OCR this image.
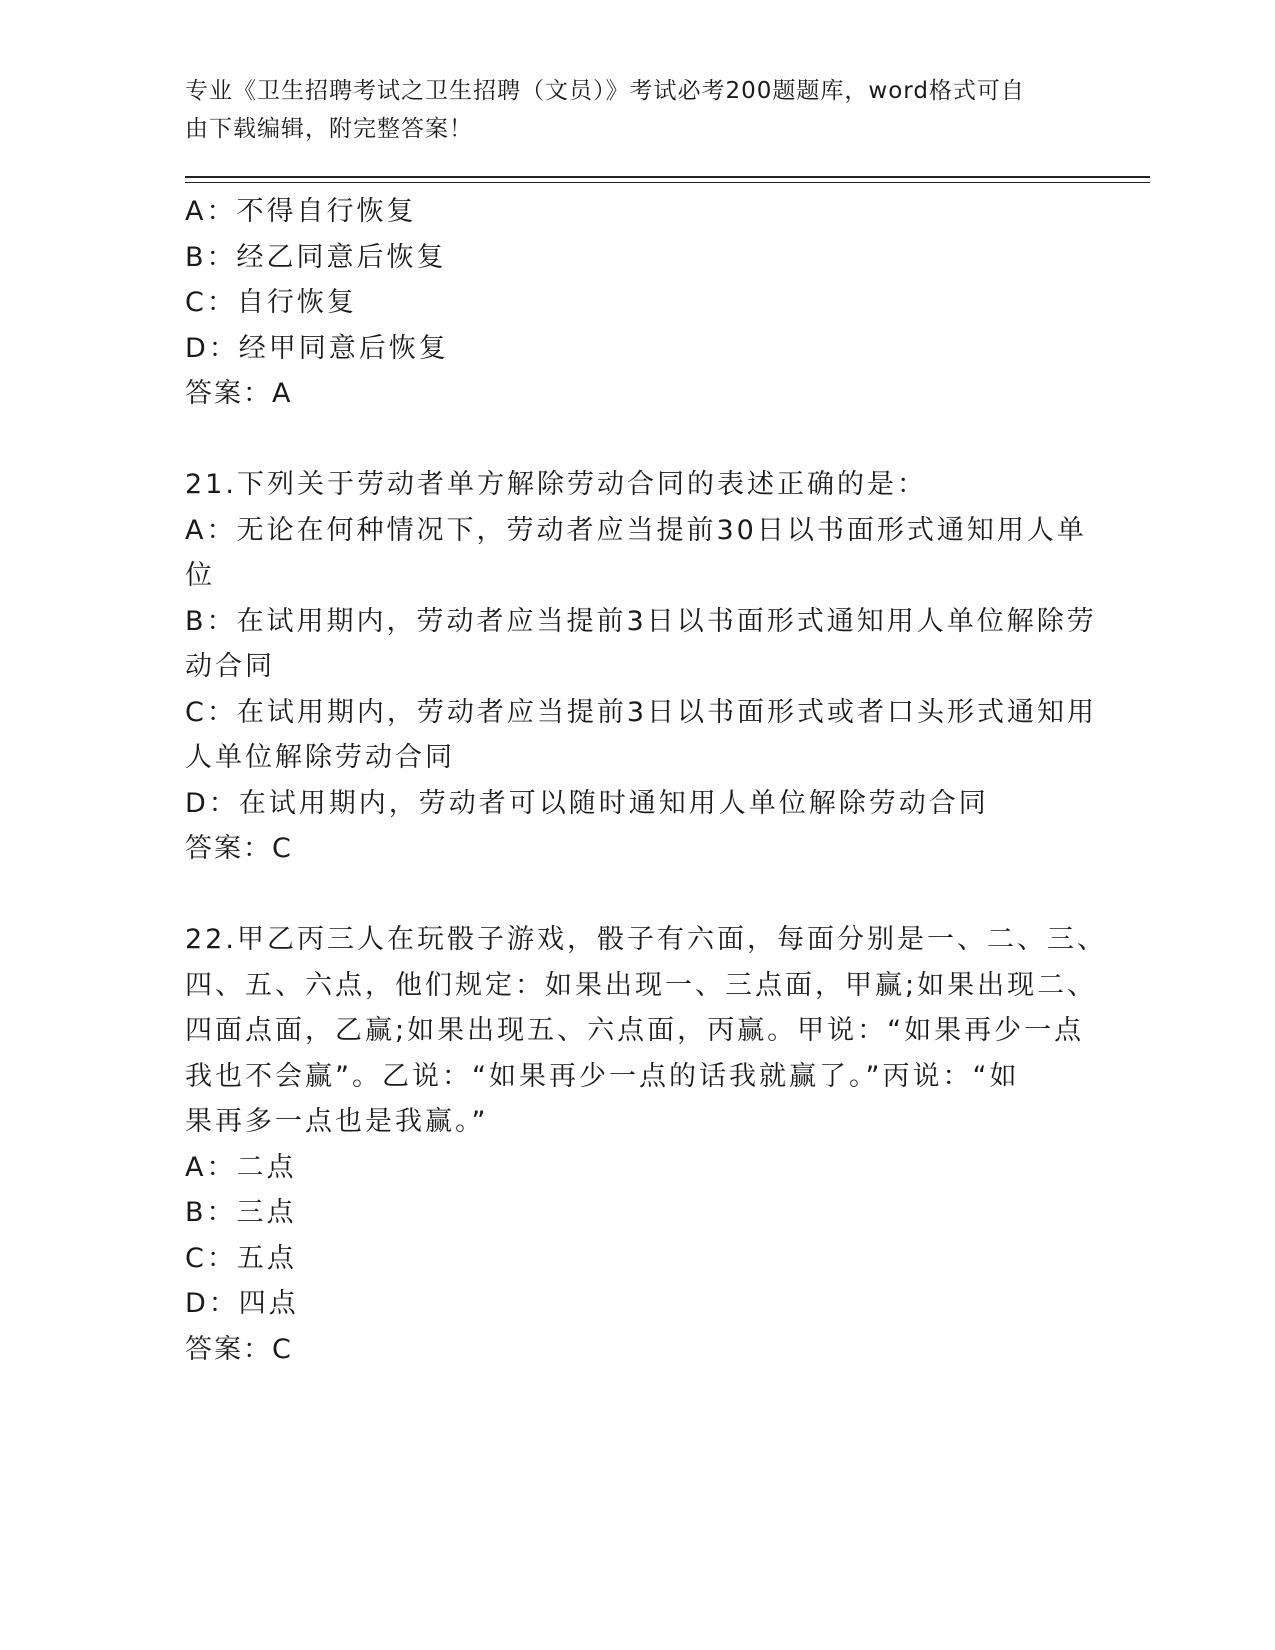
专业《卫生招聘考试之卫生招聘（文员）》考试必考200题题库，word格式可自
由下载编辑，附完整答案！
A：不得自行恢复
B：经乙同意后恢复
C：自行恢复
D：经甲同意后恢复
答案：A
21.下列关于劳动者单方解除劳动合同的表述正确的是：
A：无论在何种情况下，劳动者应当提前30日以书面形式通知用人单
位
B：在试用期内，劳动者应当提前3日以书面形式通知用人单位解除劳
动合同
C：在试用期内，劳动者应当提前3日以书面形式或者口头形式通知用
人单位解除劳动合同
D：在试用期内，劳动者可以随时通知用人单位解除劳动合同
答案：C
22.甲乙丙三人在玩骰子游戏，骰子有六面，每面分别是一、二、三、
四、五、六点，他们规定：如果出现一、三点面，甲赢;如果出现二、
四面点面，乙赢;如果出现五、六点面，丙赢。甲说：“如果再少一点
我也不会赢”。乙说：“如果再少一点的话我就赢了。”丙说：“如
果再多一点也是我赢。”
A：二点
B：三点
C：五点
D：四点
答案：C
